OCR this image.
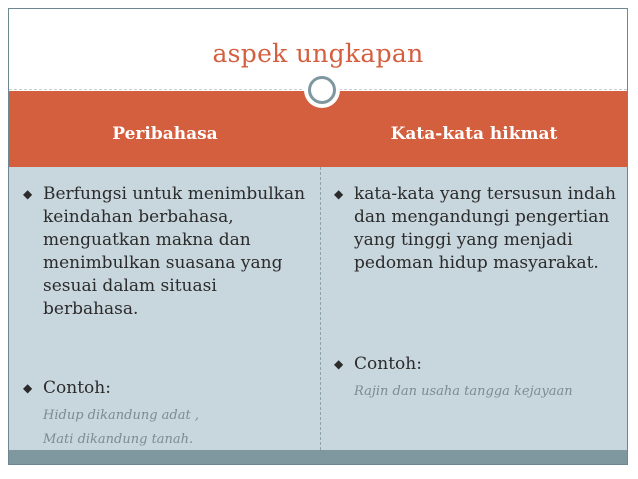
aspek ungkapan
Peribahasa	Kata-kata hikmat
◆ Berfungsi untuk menimbulkan keindahan berbahasa, menguatkan makna dan menimbulkan suasana yang sesuai dalam situasi berbahasa.
◆ Contoh:
Hidup dikandung adat ,
Mati dikandung tanah.
◆ kata-kata yang tersusun indah dan mengandungi pengertian yang tinggi yang menjadi pedoman hidup masyarakat.
◆ Contoh:
Rajin dan usaha tangga kejayaan
